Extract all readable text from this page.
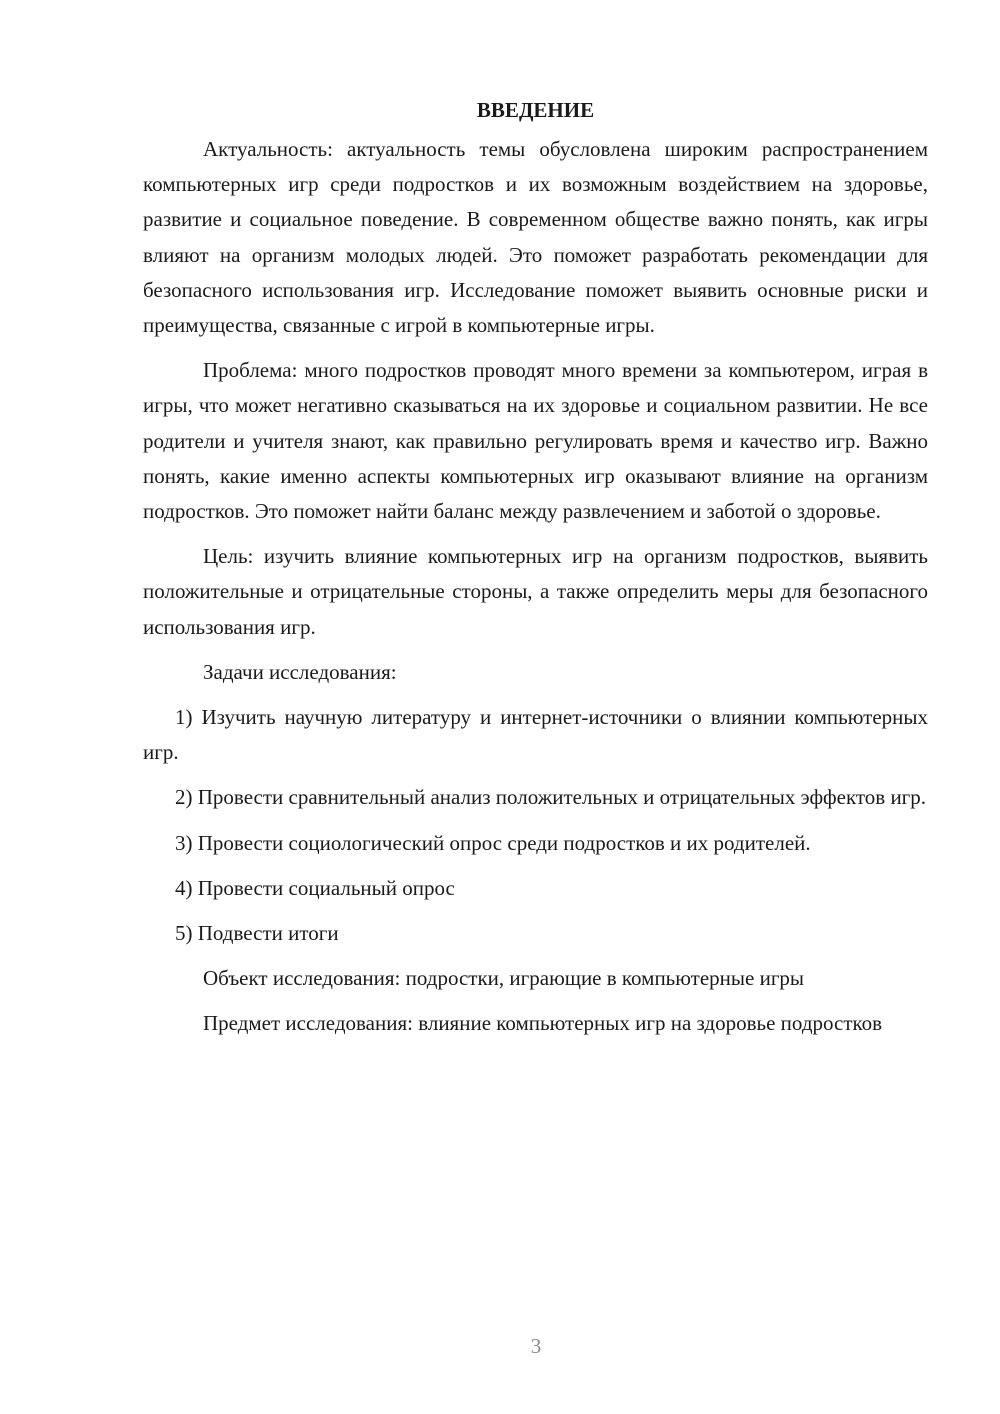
ВВЕДЕНИЕ

Актуальность: актуальность темы обусловлена широким распространением компьютерных игр среди подростков и их возможным воздействием на здоровье, развитие и социальное поведение. В современном обществе важно понять, как игры влияют на организм молодых людей. Это поможет разработать рекомендации для безопасного использования игр. Исследование поможет выявить основные риски и преимущества, связанные с игрой в компьютерные игры.

Проблема: много подростков проводят много времени за компьютером, играя в игры, что может негативно сказываться на их здоровье и социальном развитии. Не все родители и учителя знают, как правильно регулировать время и качество игр. Важно понять, какие именно аспекты компьютерных игр оказывают влияние на организм подростков. Это поможет найти баланс между развлечением и заботой о здоровье.

Цель: изучить влияние компьютерных игр на организм подростков, выявить положительные и отрицательные стороны, а также определить меры для безопасного использования игр.

Задачи исследования:

1) Изучить научную литературу и интернет-источники о влиянии компьютерных игр.

2) Провести сравнительный анализ положительных и отрицательных эффектов игр.

3) Провести социологический опрос среди подростков и их родителей.

4) Провести социальный опрос

5) Подвести итоги

Объект исследования: подростки, играющие в компьютерные игры

Предмет исследования: влияние компьютерных игр на здоровье подростков

3
